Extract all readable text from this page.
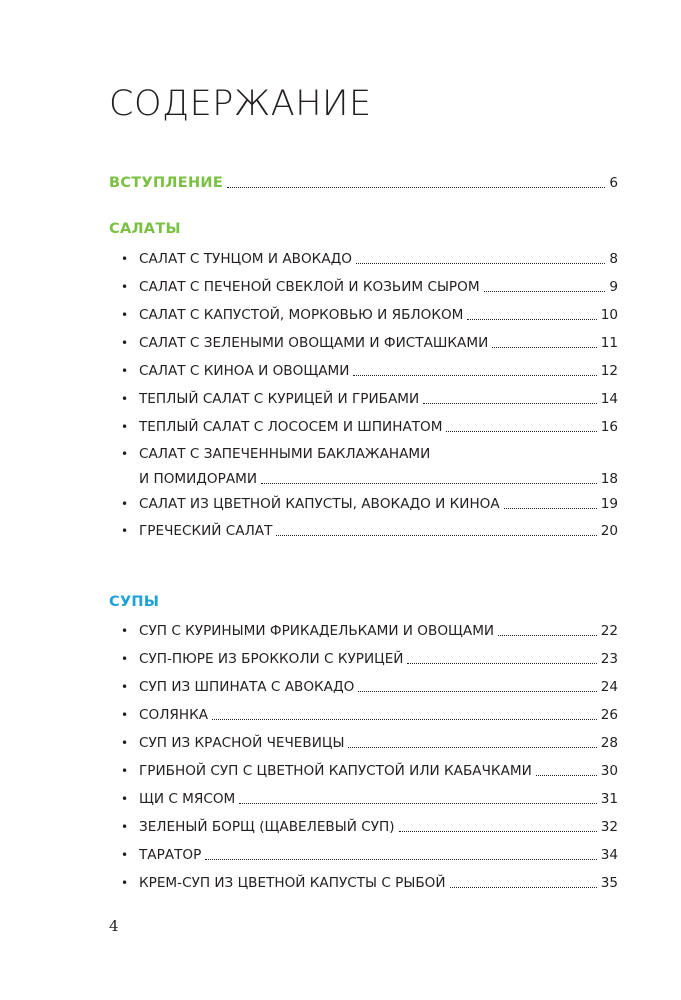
СОДЕРЖАНИЕ
ВСТУПЛЕНИЕ	6
САЛАТЫ
• САЛАТ С ТУНЦОМ И АВОКАДО	8
• САЛАТ С ПЕЧЕНОЙ СВЕКЛОЙ И КОЗЬИМ СЫРОМ	9
• САЛАТ С КАПУСТОЙ, МОРКОВЬЮ И ЯБЛОКОМ	10
• САЛАТ С ЗЕЛЕНЫМИ ОВОЩАМИ И ФИСТАШКАМИ	11
• САЛАТ С КИНОА И ОВОЩАМИ	12
• ТЕПЛЫЙ САЛАТ С КУРИЦЕЙ И ГРИБАМИ	14
• ТЕПЛЫЙ САЛАТ С ЛОСОСЕМ И ШПИНАТОМ	16
• САЛАТ С ЗАПЕЧЕННЫМИ БАКЛАЖАНАМИ
И ПОМИДОРАМИ	18
• САЛАТ ИЗ ЦВЕТНОЙ КАПУСТЫ, АВОКАДО И КИНОА	19
• ГРЕЧЕСКИЙ САЛАТ	20
СУПЫ
• СУП С КУРИНЫМИ ФРИКАДЕЛЬКАМИ И ОВОЩАМИ	22
• СУП-ПЮРЕ ИЗ БРОККОЛИ С КУРИЦЕЙ	23
• СУП ИЗ ШПИНАТА С АВОКАДО	24
• СОЛЯНКА	26
• СУП ИЗ КРАСНОЙ ЧЕЧЕВИЦЫ	28
• ГРИБНОЙ СУП С ЦВЕТНОЙ КАПУСТОЙ ИЛИ КАБАЧКАМИ	30
• ЩИ С МЯСОМ	31
• ЗЕЛЕНЫЙ БОРЩ (ЩАВЕЛЕВЫЙ СУП)	32
• ТАРАТОР	34
• КРЕМ-СУП ИЗ ЦВЕТНОЙ КАПУСТЫ С РЫБОЙ	35
4
